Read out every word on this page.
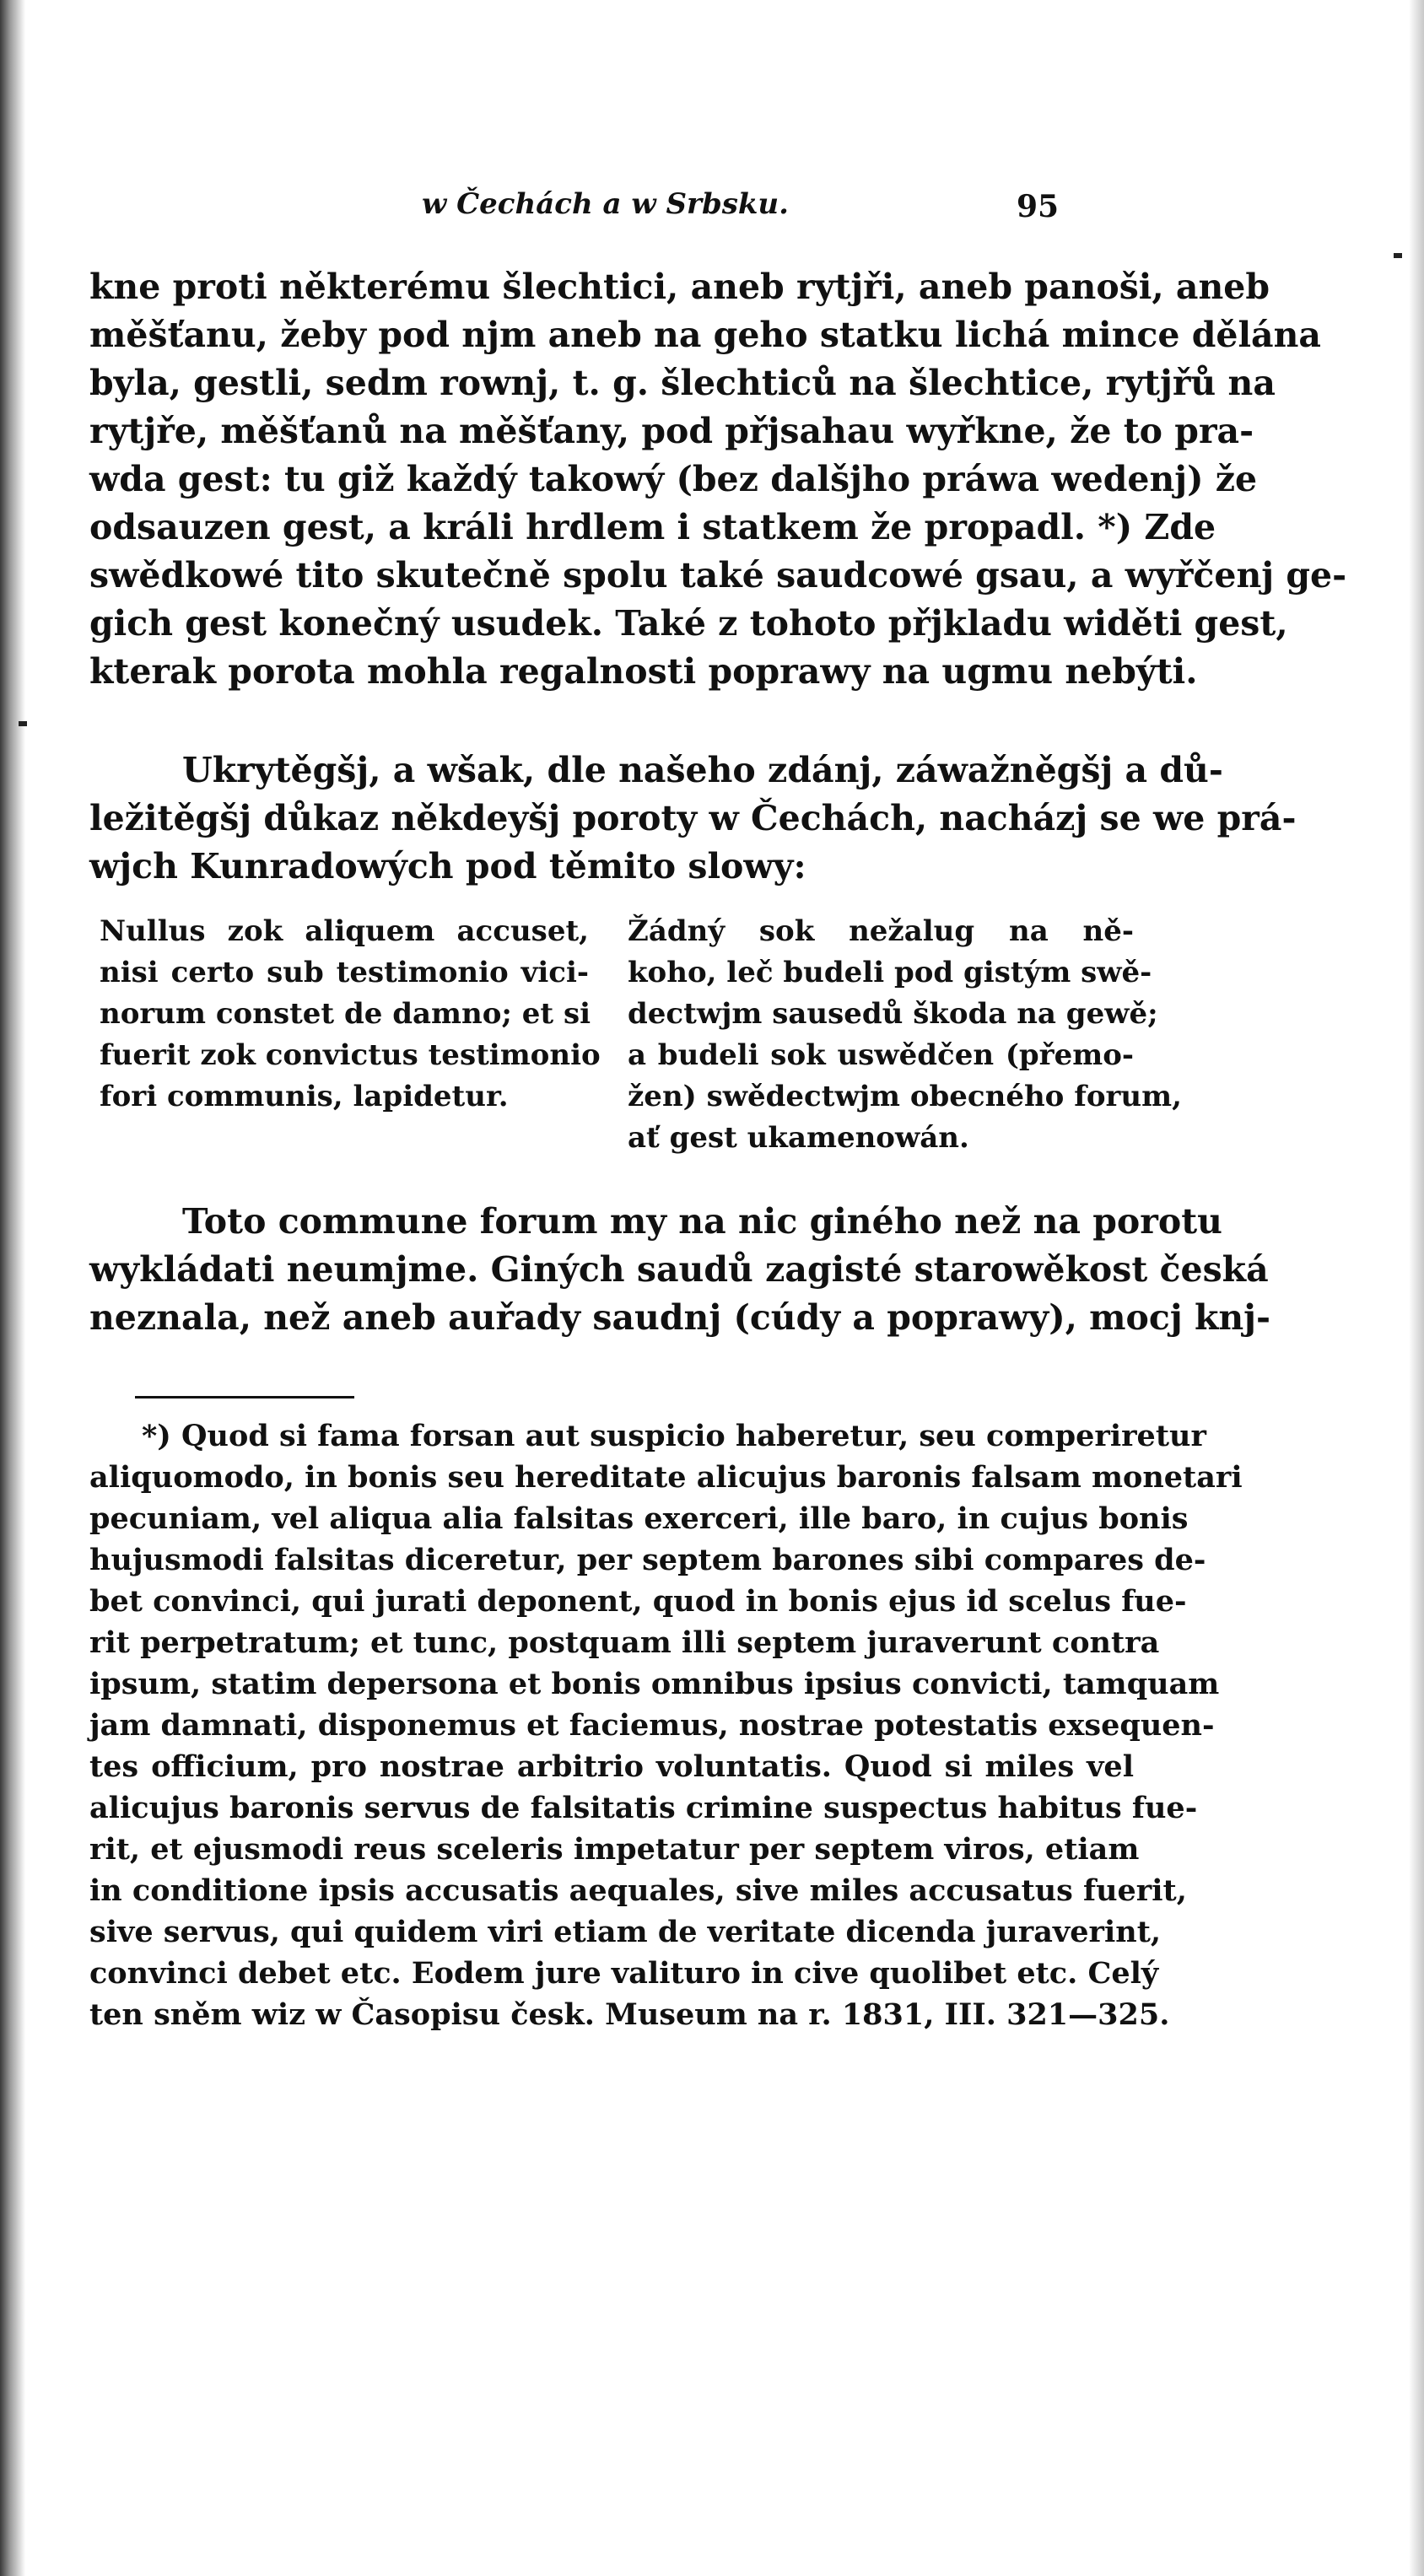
w Čechách a w Srbsku.	95
kne proti některému šlechtici, aneb rytjři, aneb panoši, aneb
měšťanu, žeby pod njm aneb na geho statku lichá mince dělána
byla, gestli, sedm rownj, t. g. šlechticů na šlechtice, rytjřů na
rytjře, měšťanů na měšťany, pod přjsahau wyřkne, že to pra-
wda gest: tu giž každý takowý (bez dalšjho práwa wedenj) že
odsauzen gest, a králi hrdlem i statkem že propadl. *) Zde
swědkowé tito skutečně spolu také saudcowé gsau, a wyřčenj ge-
gich gest konečný usudek. Také z tohoto přjkladu widěti gest,
kterak porota mohla regalnosti poprawy na ugmu nebýti.
Ukrytěgšj, a wšak, dle našeho zdánj, záwažněgšj a dů-
ležitěgšj důkaz někdeyšj poroty w Čechách, nacházj se we prá-
wjch Kunradowých pod těmito slowy:
Nullus zok aliquem accuset,
nisi certo sub testimonio vici-
norum constet de damno; et si
fuerit zok convictus testimonio
fori communis, lapidetur.
Žádný sok nežalug na ně-
koho, leč budeli pod gistým swě-
dectwjm sausedů škoda na gewě;
a budeli sok uswědčen (přemo-
žen) swědectwjm obecného forum,
ať gest ukamenowán.
Toto commune forum my na nic giného než na porotu
wykládati neumjme. Giných saudů zagisté starowěkost česká
neznala, než aneb auřady saudnj (cúdy a poprawy), mocj knj-
*) Quod si fama forsan aut suspicio haberetur, seu comperiretur
aliquomodo, in bonis seu hereditate alicujus baronis falsam monetari
pecuniam, vel aliqua alia falsitas exerceri, ille baro, in cujus bonis
hujusmodi falsitas diceretur, per septem barones sibi compares de-
bet convinci, qui jurati deponent, quod in bonis ejus id scelus fue-
rit perpetratum; et tunc, postquam illi septem juraverunt contra
ipsum, statim depersona et bonis omnibus ipsius convicti, tamquam
jam damnati, disponemus et faciemus, nostrae potestatis exsequen-
tes officium, pro nostrae arbitrio voluntatis. Quod si miles vel
alicujus baronis servus de falsitatis crimine suspectus habitus fue-
rit, et ejusmodi reus sceleris impetatur per septem viros, etiam
in conditione ipsis accusatis aequales, sive miles accusatus fuerit,
sive servus, qui quidem viri etiam de veritate dicenda juraverint,
convinci debet etc. Eodem jure valituro in cive quolibet etc. Celý
ten sněm wiz w Časopisu česk. Museum na r. 1831, III. 321—325.
